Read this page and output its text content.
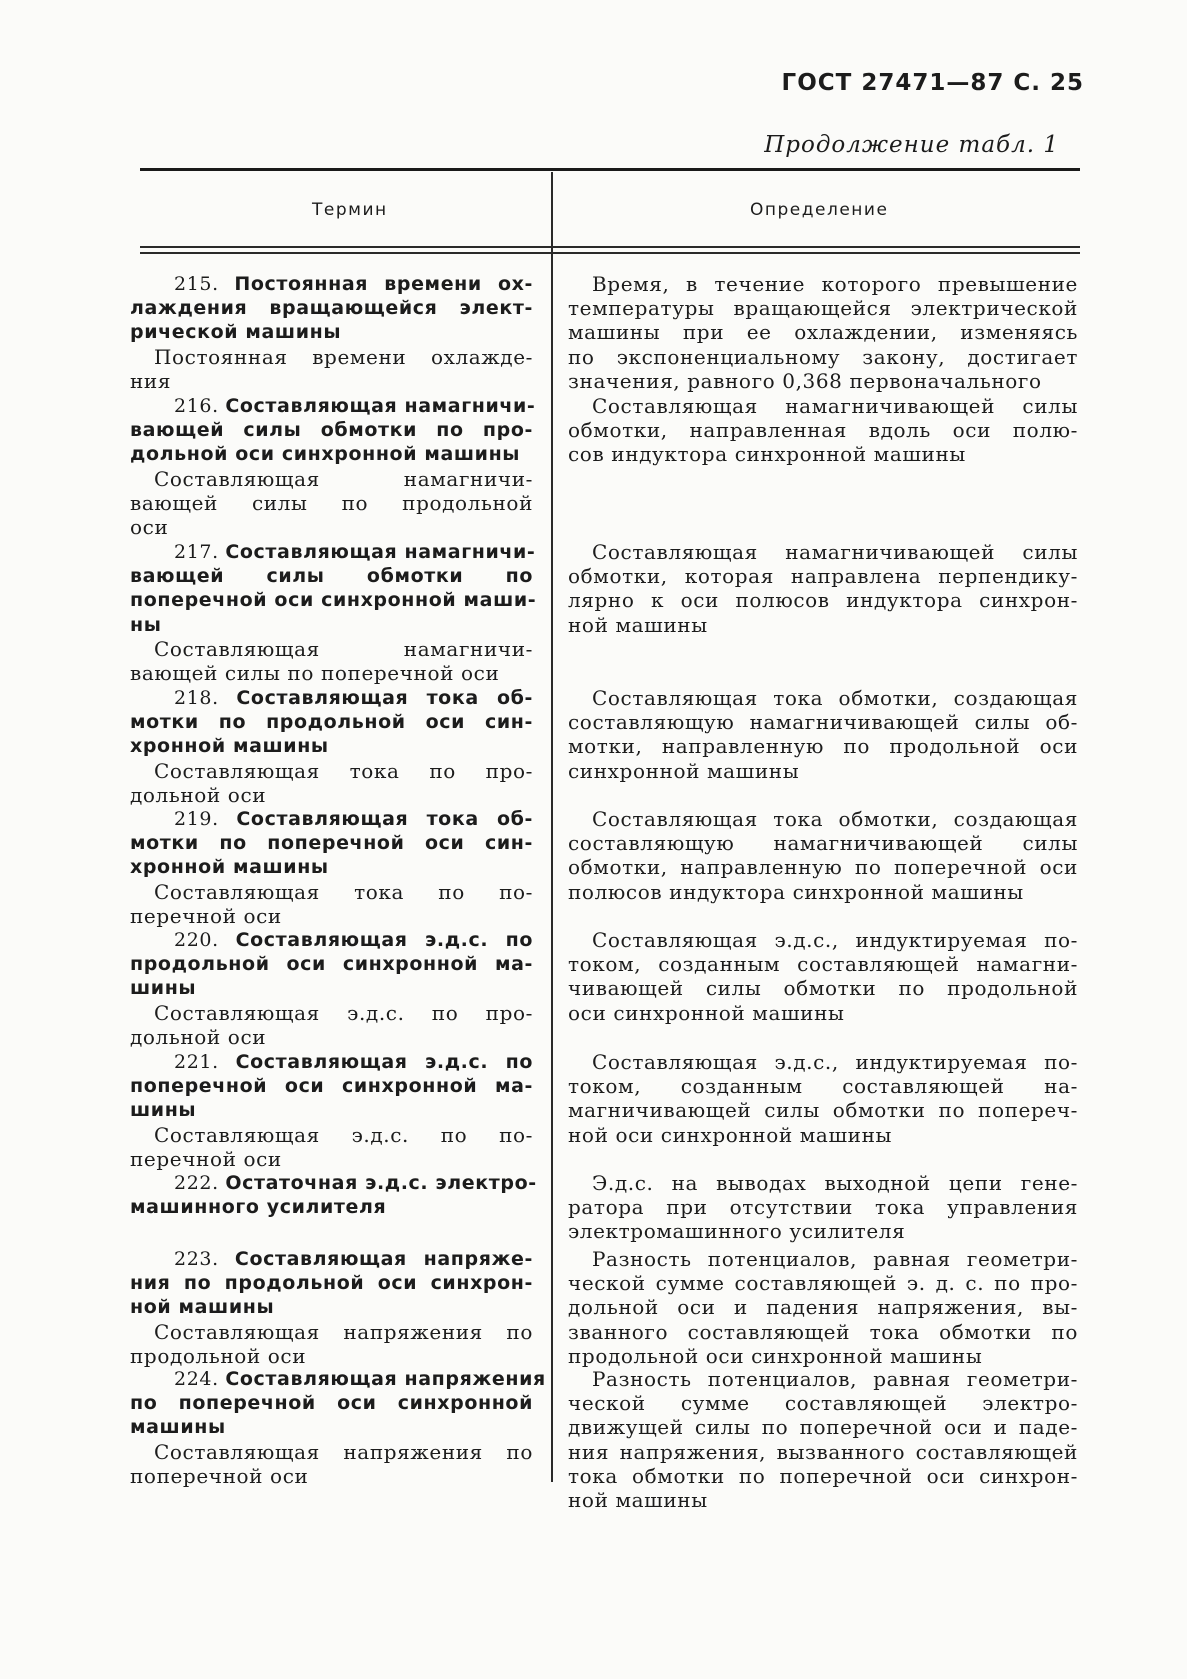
ГОСТ 27471—87 С. 25
Продолжение табл. 1
Термин	Определение
215. Постоянная времени ох-
лаждения вращающейся элект-
рической машины
Постоянная времени охлажде-
ния
216. Составляющая намагничи-
вающей силы обмотки по про-
дольной оси синхронной машины
Составляющая намагничи-
вающей силы по продольной
оси
217. Составляющая намагничи-
вающей силы обмотки по
поперечной оси синхронной маши-
ны
Составляющая намагничи-
вающей силы по поперечной оси
218. Составляющая тока об-
мотки по продольной оси син-
хронной машины
Составляющая тока по про-
дольной оси
219. Составляющая тока об-
мотки по поперечной оси син-
хронной машины
Составляющая тока по по-
перечной оси
220. Составляющая э.д.с. по
продольной оси синхронной ма-
шины
Составляющая э.д.с. по про-
дольной оси
221. Составляющая э.д.с. по
поперечной оси синхронной ма-
шины
Составляющая э.д.с. по по-
перечной оси
222. Остаточная э.д.с. электро-
машинного усилителя
223. Составляющая напряже-
ния по продольной оси синхрон-
ной машины
Составляющая напряжения по
продольной оси
224. Составляющая напряжения
по поперечной оси синхронной
машины
Составляющая напряжения по
поперечной оси
Время, в течение которого превышение
температуры вращающейся электрической
машины при ее охлаждении, изменяясь
по экспоненциальному закону, достигает
значения, равного 0,368 первоначального
Составляющая намагничивающей силы
обмотки, направленная вдоль оси полю-
сов индуктора синхронной машины
Составляющая намагничивающей силы
обмотки, которая направлена перпендику-
лярно к оси полюсов индуктора синхрон-
ной машины
Составляющая тока обмотки, создающая
составляющую намагничивающей силы об-
мотки, направленную по продольной оси
синхронной машины
Составляющая тока обмотки, создающая
составляющую намагничивающей силы
обмотки, направленную по поперечной оси
полюсов индуктора синхронной машины
Составляющая э.д.с., индуктируемая по-
током, созданным составляющей намагни-
чивающей силы обмотки по продольной
оси синхронной машины
Составляющая э.д.с., индуктируемая по-
током, созданным составляющей на-
магничивающей силы обмотки по попереч-
ной оси синхронной машины
Э.д.с. на выводах выходной цепи гене-
ратора при отсутствии тока управления
электромашинного усилителя
Разность потенциалов, равная геометри-
ческой сумме составляющей э. д. с. по про-
дольной оси и падения напряжения, вы-
званного составляющей тока обмотки по
продольной оси синхронной машины
Разность потенциалов, равная геометри-
ческой сумме составляющей электро-
движущей силы по поперечной оси и паде-
ния напряжения, вызванного составляющей
тока обмотки по поперечной оси синхрон-
ной машины
